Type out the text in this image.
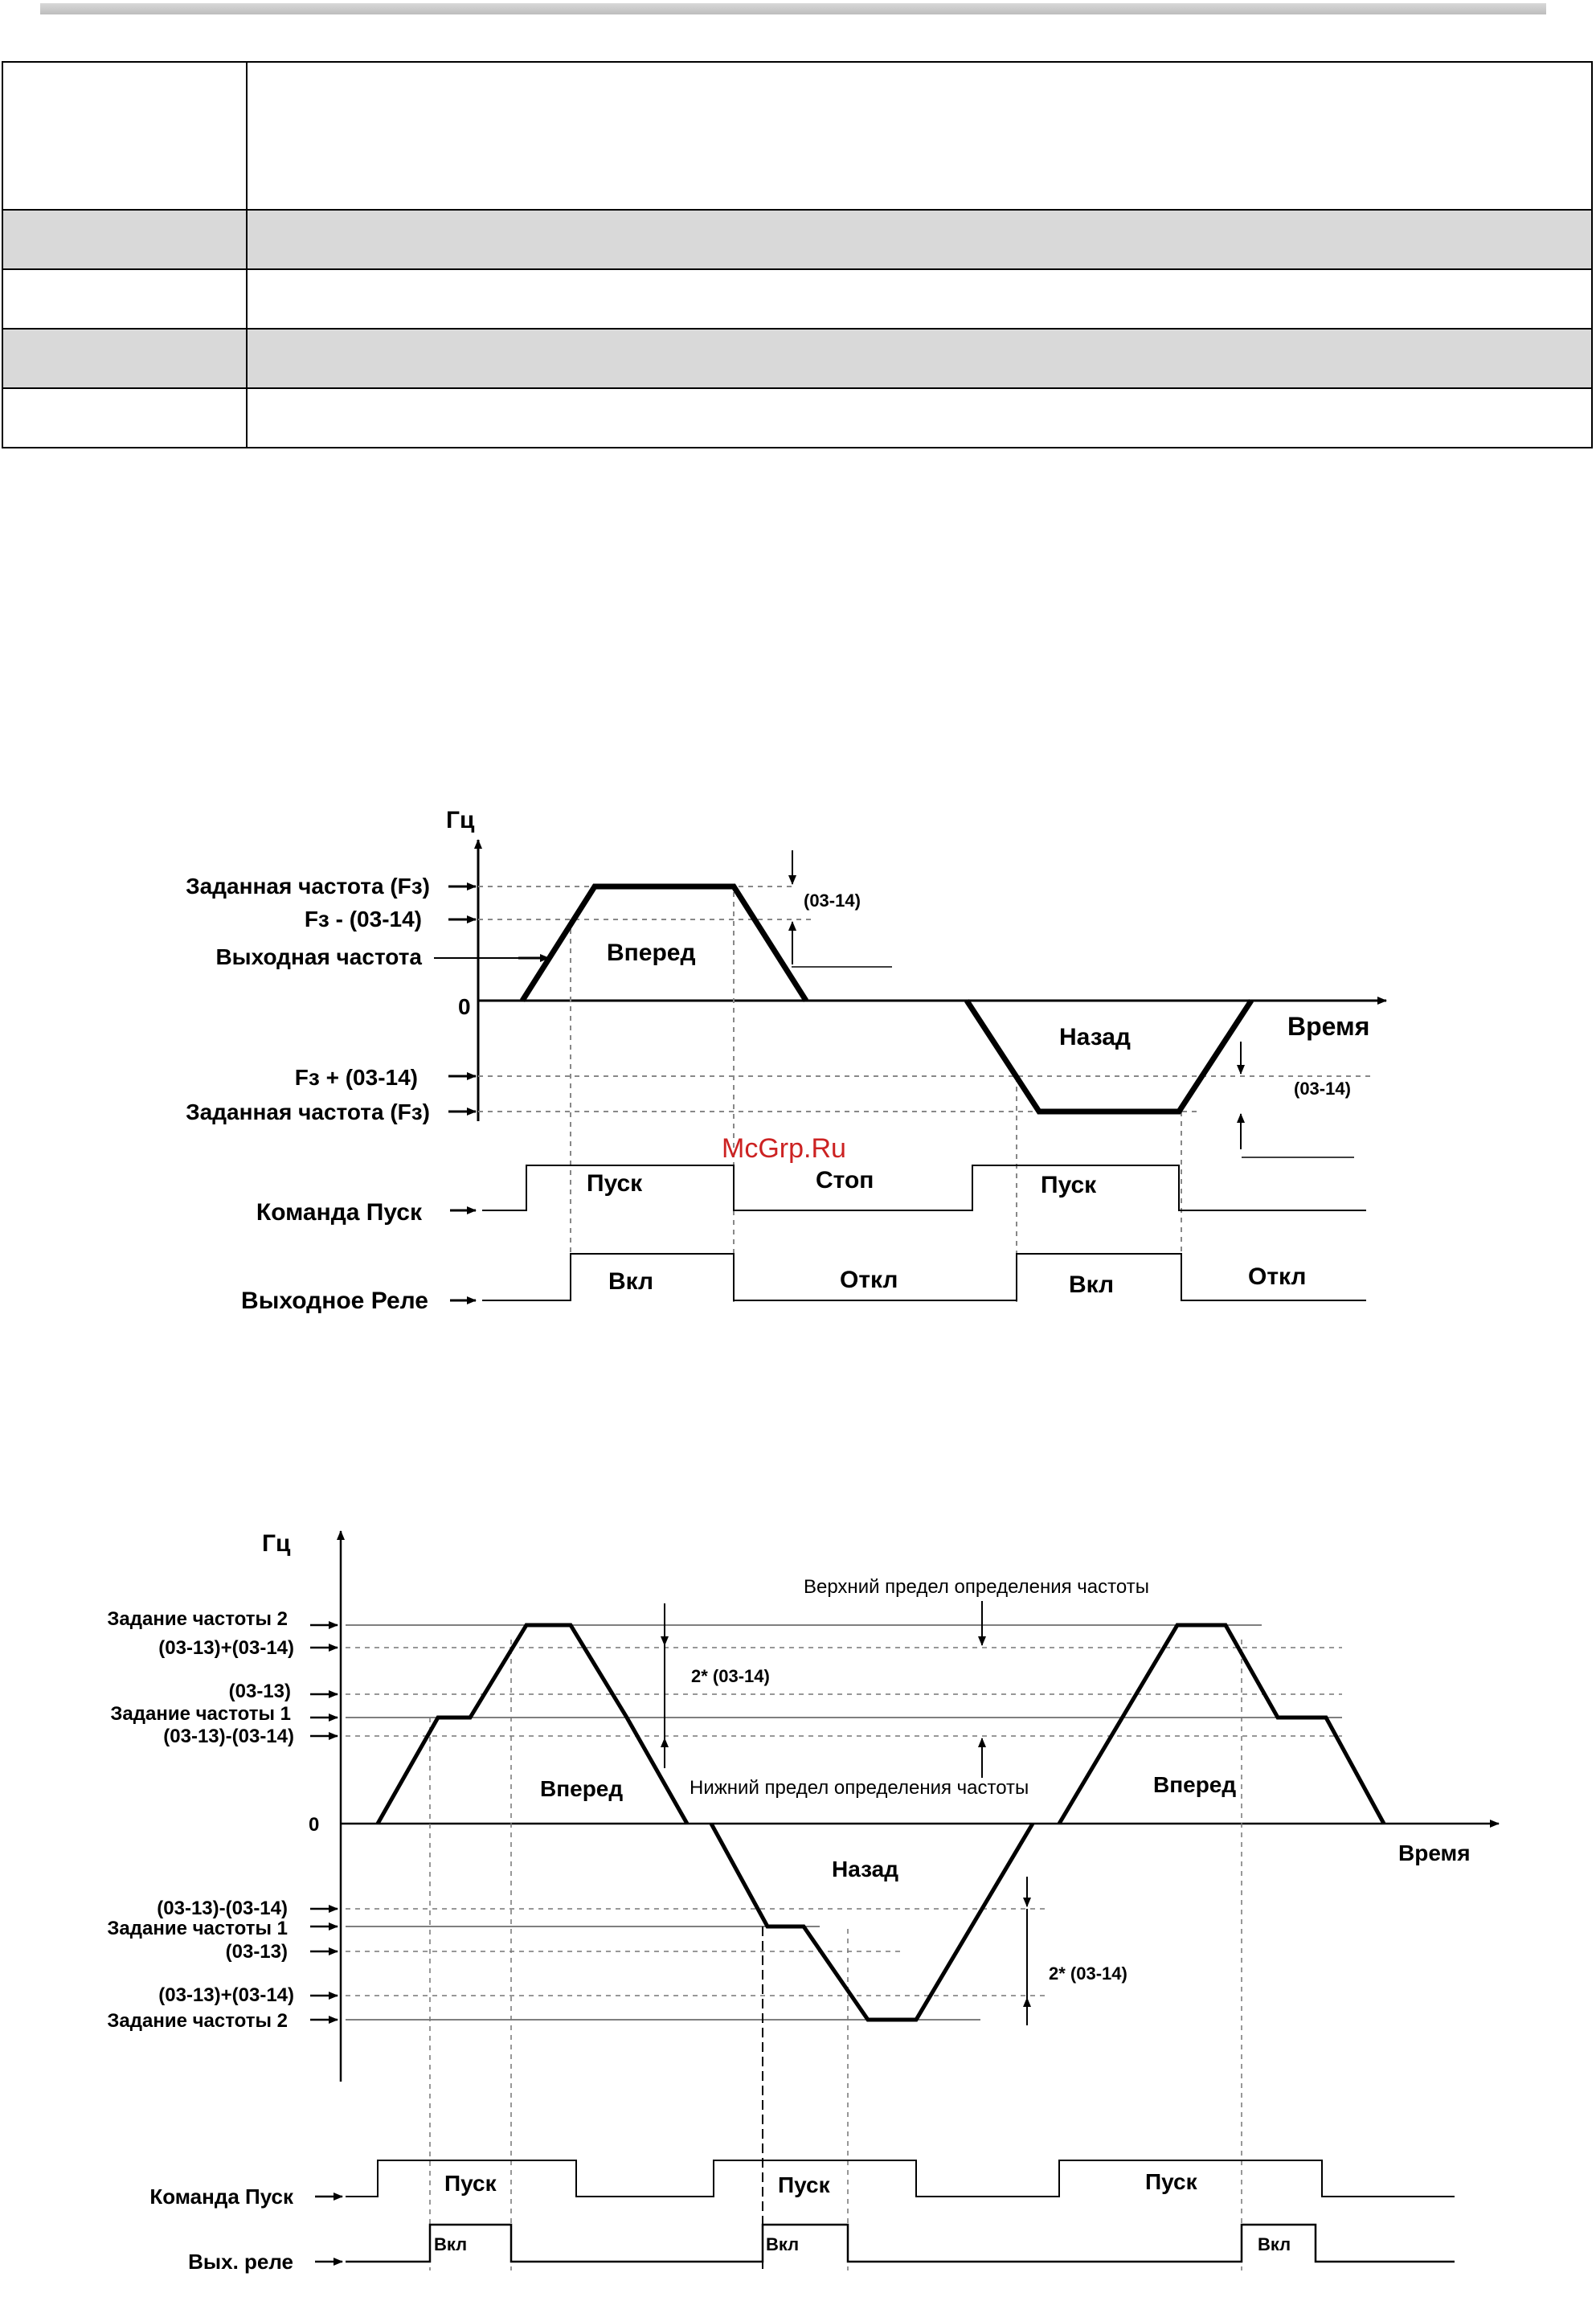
Гц
Время
0
(03-14)
(03-14)
Заданная частота (Fз)
Fз - (03-14)
Выходная частота
Fз + (03-14)
Заданная частота (Fз)
Вперед
Назад
Команда Пуск
Пуск	Стоп	Пуск
Выходное Реле
Вкл	Откл	Вкл	Откл
McGrp.Ru
Гц
Время
0
Верхний предел определения частоты
Нижний предел определения частоты
2* (03-14)
2* (03-14)
Задание частоты 2
(03-13)+(03-14)
(03-13)
Задание частоты 1
(03-13)-(03-14)
(03-13)-(03-14)
Задание частоты 1
(03-13)
(03-13)+(03-14)
Задание частоты 2
Вперед
Назад
Вперед
Команда Пуск
Пуск	Пуск	Пуск
Вых. реле
Вкл	Вкл	Вкл
